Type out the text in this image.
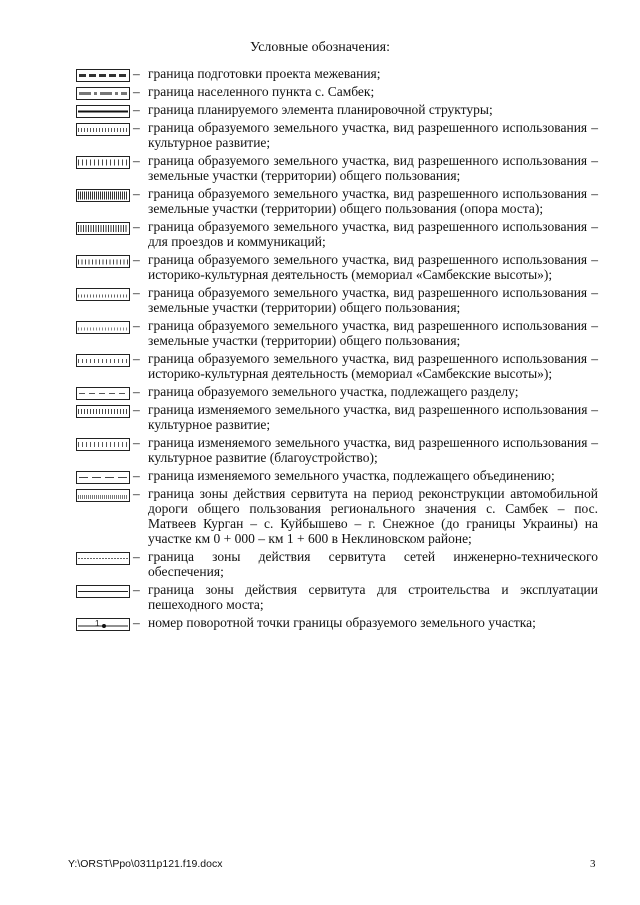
Условные обозначения:
– граница подготовки проекта межевания;
– граница населенного пункта с. Самбек;
– граница планируемого элемента планировочной структуры;
– граница образуемого земельного участка, вид разрешенного использования – культурное развитие;
– граница образуемого земельного участка, вид разрешенного использования – земельные участки (территории) общего пользования;
– граница образуемого земельного участка, вид разрешенного использования – земельные участки (территории) общего пользования (опора моста);
– граница образуемого земельного участка, вид разрешенного использования – для проездов и коммуникаций;
– граница образуемого земельного участка, вид разрешенного использования – историко-культурная деятельность (мемориал «Самбекские высоты»);
– граница образуемого земельного участка, вид разрешенного использования – земельные участки (территории) общего пользования;
– граница образуемого земельного участка, вид разрешенного использования – земельные участки (территории) общего пользования;
– граница образуемого земельного участка, вид разрешенного использования – историко-культурная деятельность (мемориал «Самбекские высоты»);
– граница образуемого земельного участка, подлежащего разделу;
– граница изменяемого земельного участка, вид разрешенного использования – культурное развитие;
– граница изменяемого земельного участка, вид разрешенного использования – культурное развитие (благоустройство);
– граница изменяемого земельного участка, подлежащего объединению;
– граница зоны действия сервитута на период реконструкции автомобильной дороги общего пользования регионального значения с. Самбек – пос. Матвеев Курган – с. Куйбышево – г. Снежное (до границы Украины) на участке км 0 + 000 – км 1 + 600 в Неклиновском районе;
– граница зоны действия сервитута сетей инженерно-технического обеспечения;
– граница зоны действия сервитута для строительства и эксплуатации пешеходного моста;
1 – номер поворотной точки границы образуемого земельного участка;
Y:\ORST\Ppo\0311p121.f19.docx	3
